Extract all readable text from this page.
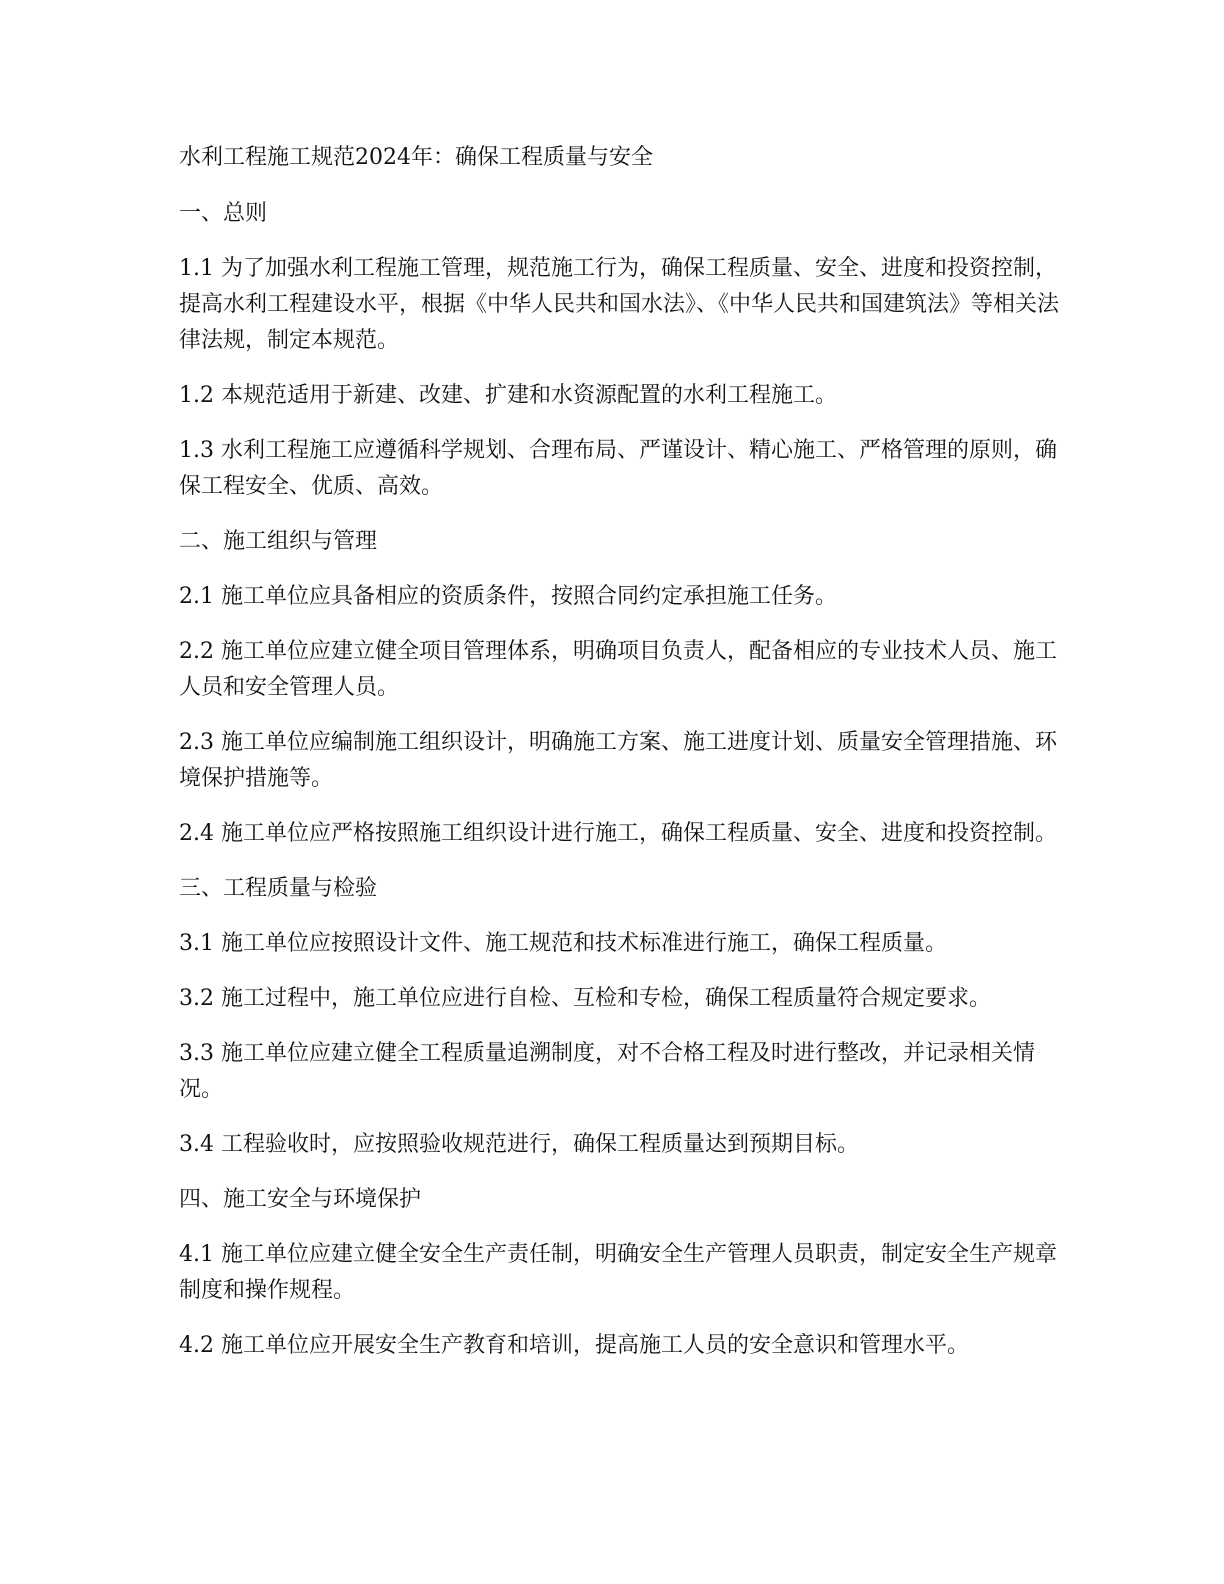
水利工程施工规范2024年：确保工程质量与安全

一、总则

1.1 为了加强水利工程施工管理，规范施工行为，确保工程质量、安全、进度和投资控制，提高水利工程建设水平，根据《中华人民共和国水法》、《中华人民共和国建筑法》等相关法律法规，制定本规范。

1.2 本规范适用于新建、改建、扩建和水资源配置的水利工程施工。

1.3 水利工程施工应遵循科学规划、合理布局、严谨设计、精心施工、严格管理的原则，确保工程安全、优质、高效。

二、施工组织与管理

2.1 施工单位应具备相应的资质条件，按照合同约定承担施工任务。

2.2 施工单位应建立健全项目管理体系，明确项目负责人，配备相应的专业技术人员、施工人员和安全管理人员。

2.3 施工单位应编制施工组织设计，明确施工方案、施工进度计划、质量安全管理措施、环境保护措施等。

2.4 施工单位应严格按照施工组织设计进行施工，确保工程质量、安全、进度和投资控制。

三、工程质量与检验

3.1 施工单位应按照设计文件、施工规范和技术标准进行施工，确保工程质量。

3.2 施工过程中，施工单位应进行自检、互检和专检，确保工程质量符合规定要求。

3.3 施工单位应建立健全工程质量追溯制度，对不合格工程及时进行整改，并记录相关情况。

3.4 工程验收时，应按照验收规范进行，确保工程质量达到预期目标。

四、施工安全与环境保护

4.1 施工单位应建立健全安全生产责任制，明确安全生产管理人员职责，制定安全生产规章制度和操作规程。

4.2 施工单位应开展安全生产教育和培训，提高施工人员的安全意识和管理水平。
